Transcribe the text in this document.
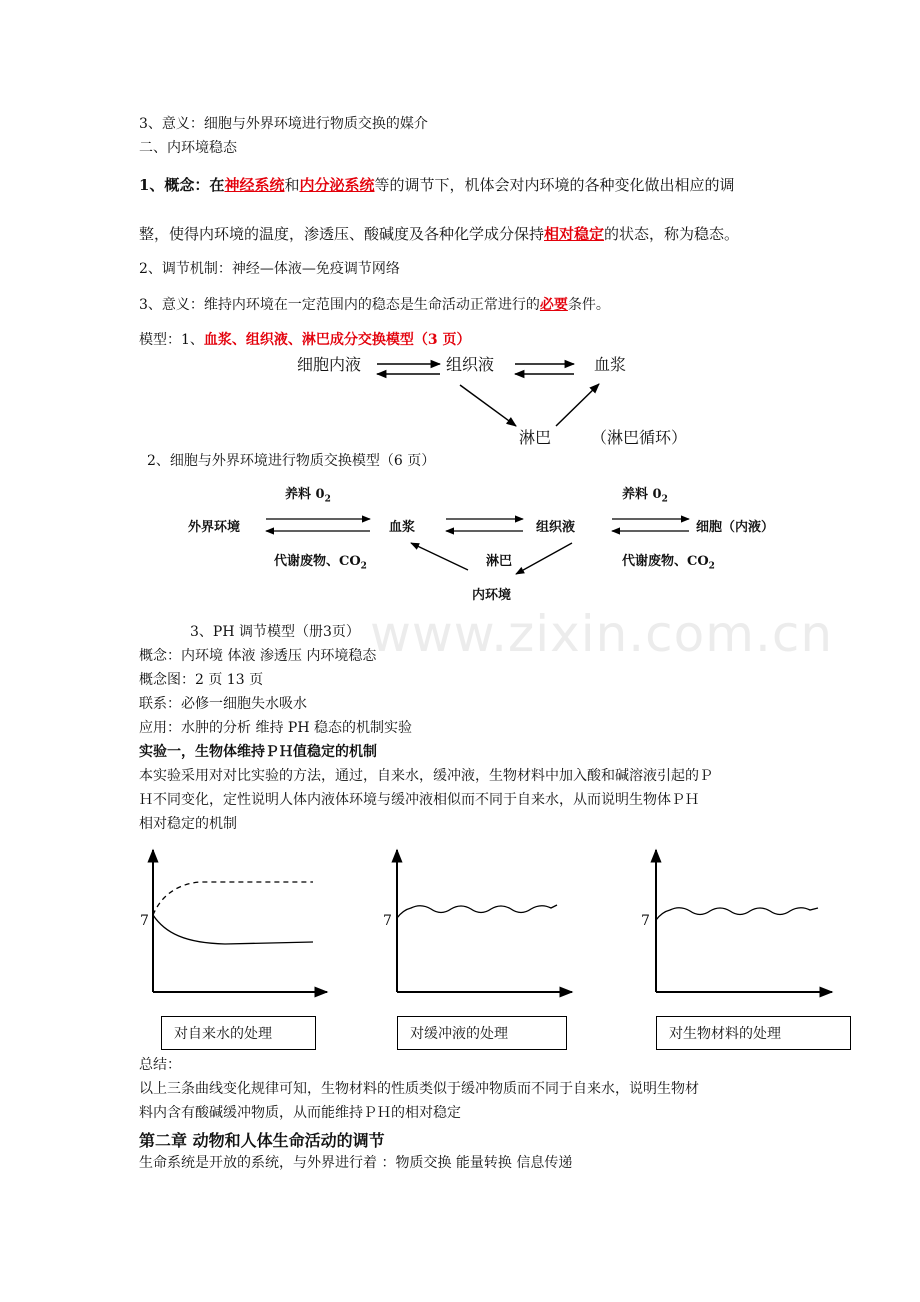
www.zixin.com.cn
3、意义：细胞与外界环境进行物质交换的媒介
二、内环境稳态
1、概念：在神经系统和内分泌系统等的调节下，机体会对内环境的各种变化做出相应的调
整，使得内环境的温度，渗透压、酸碱度及各种化学成分保持相对稳定的状态，称为稳态。
2、调节机制：神经—体液—免疫调节网络
3、意义：维持内环境在一定范围内的稳态是生命活动正常进行的必要条件。
模型：1、血浆、组织液、淋巴成分交换模型（3 页）
细胞内液	组织液	血浆
淋巴 （淋巴循环）
2、细胞与外界环境进行物质交换模型（6 页）
养料 $0_2$	养料 $0_2$
外界环境	血浆	组织液	细胞（内液）
代谢废物、$CO_2$	淋巴	代谢废物、$CO_2$
内环境
3、PH 调节模型（册3页）
概念：内环境 体液 渗透压 内环境稳态
概念图：2 页 13 页
联系：必修一细胞失水吸水
应用：水肿的分析 维持 PH 稳态的机制实验
实验一，生物体维持ＰＨ值稳定的机制
本实验采用对对比实验的方法，通过，自来水，缓冲液，生物材料中加入酸和碱溶液引起的Ｐ
Ｈ不同变化，定性说明人体内液体环境与缓冲液相似而不同于自来水，从而说明生物体ＰＨ
相对稳定的机制
7	7	7
对自来水的处理	对缓冲液的处理	对生物材料的处理
总结：
以上三条曲线变化规律可知，生物材料的性质类似于缓冲物质而不同于自来水，说明生物材
料内含有酸碱缓冲物质，从而能维持ＰＨ的相对稳定
第二章 动物和人体生命活动的调节
生命系统是开放的系统，与外界进行着 ：物质交换 能量转换 信息传递
